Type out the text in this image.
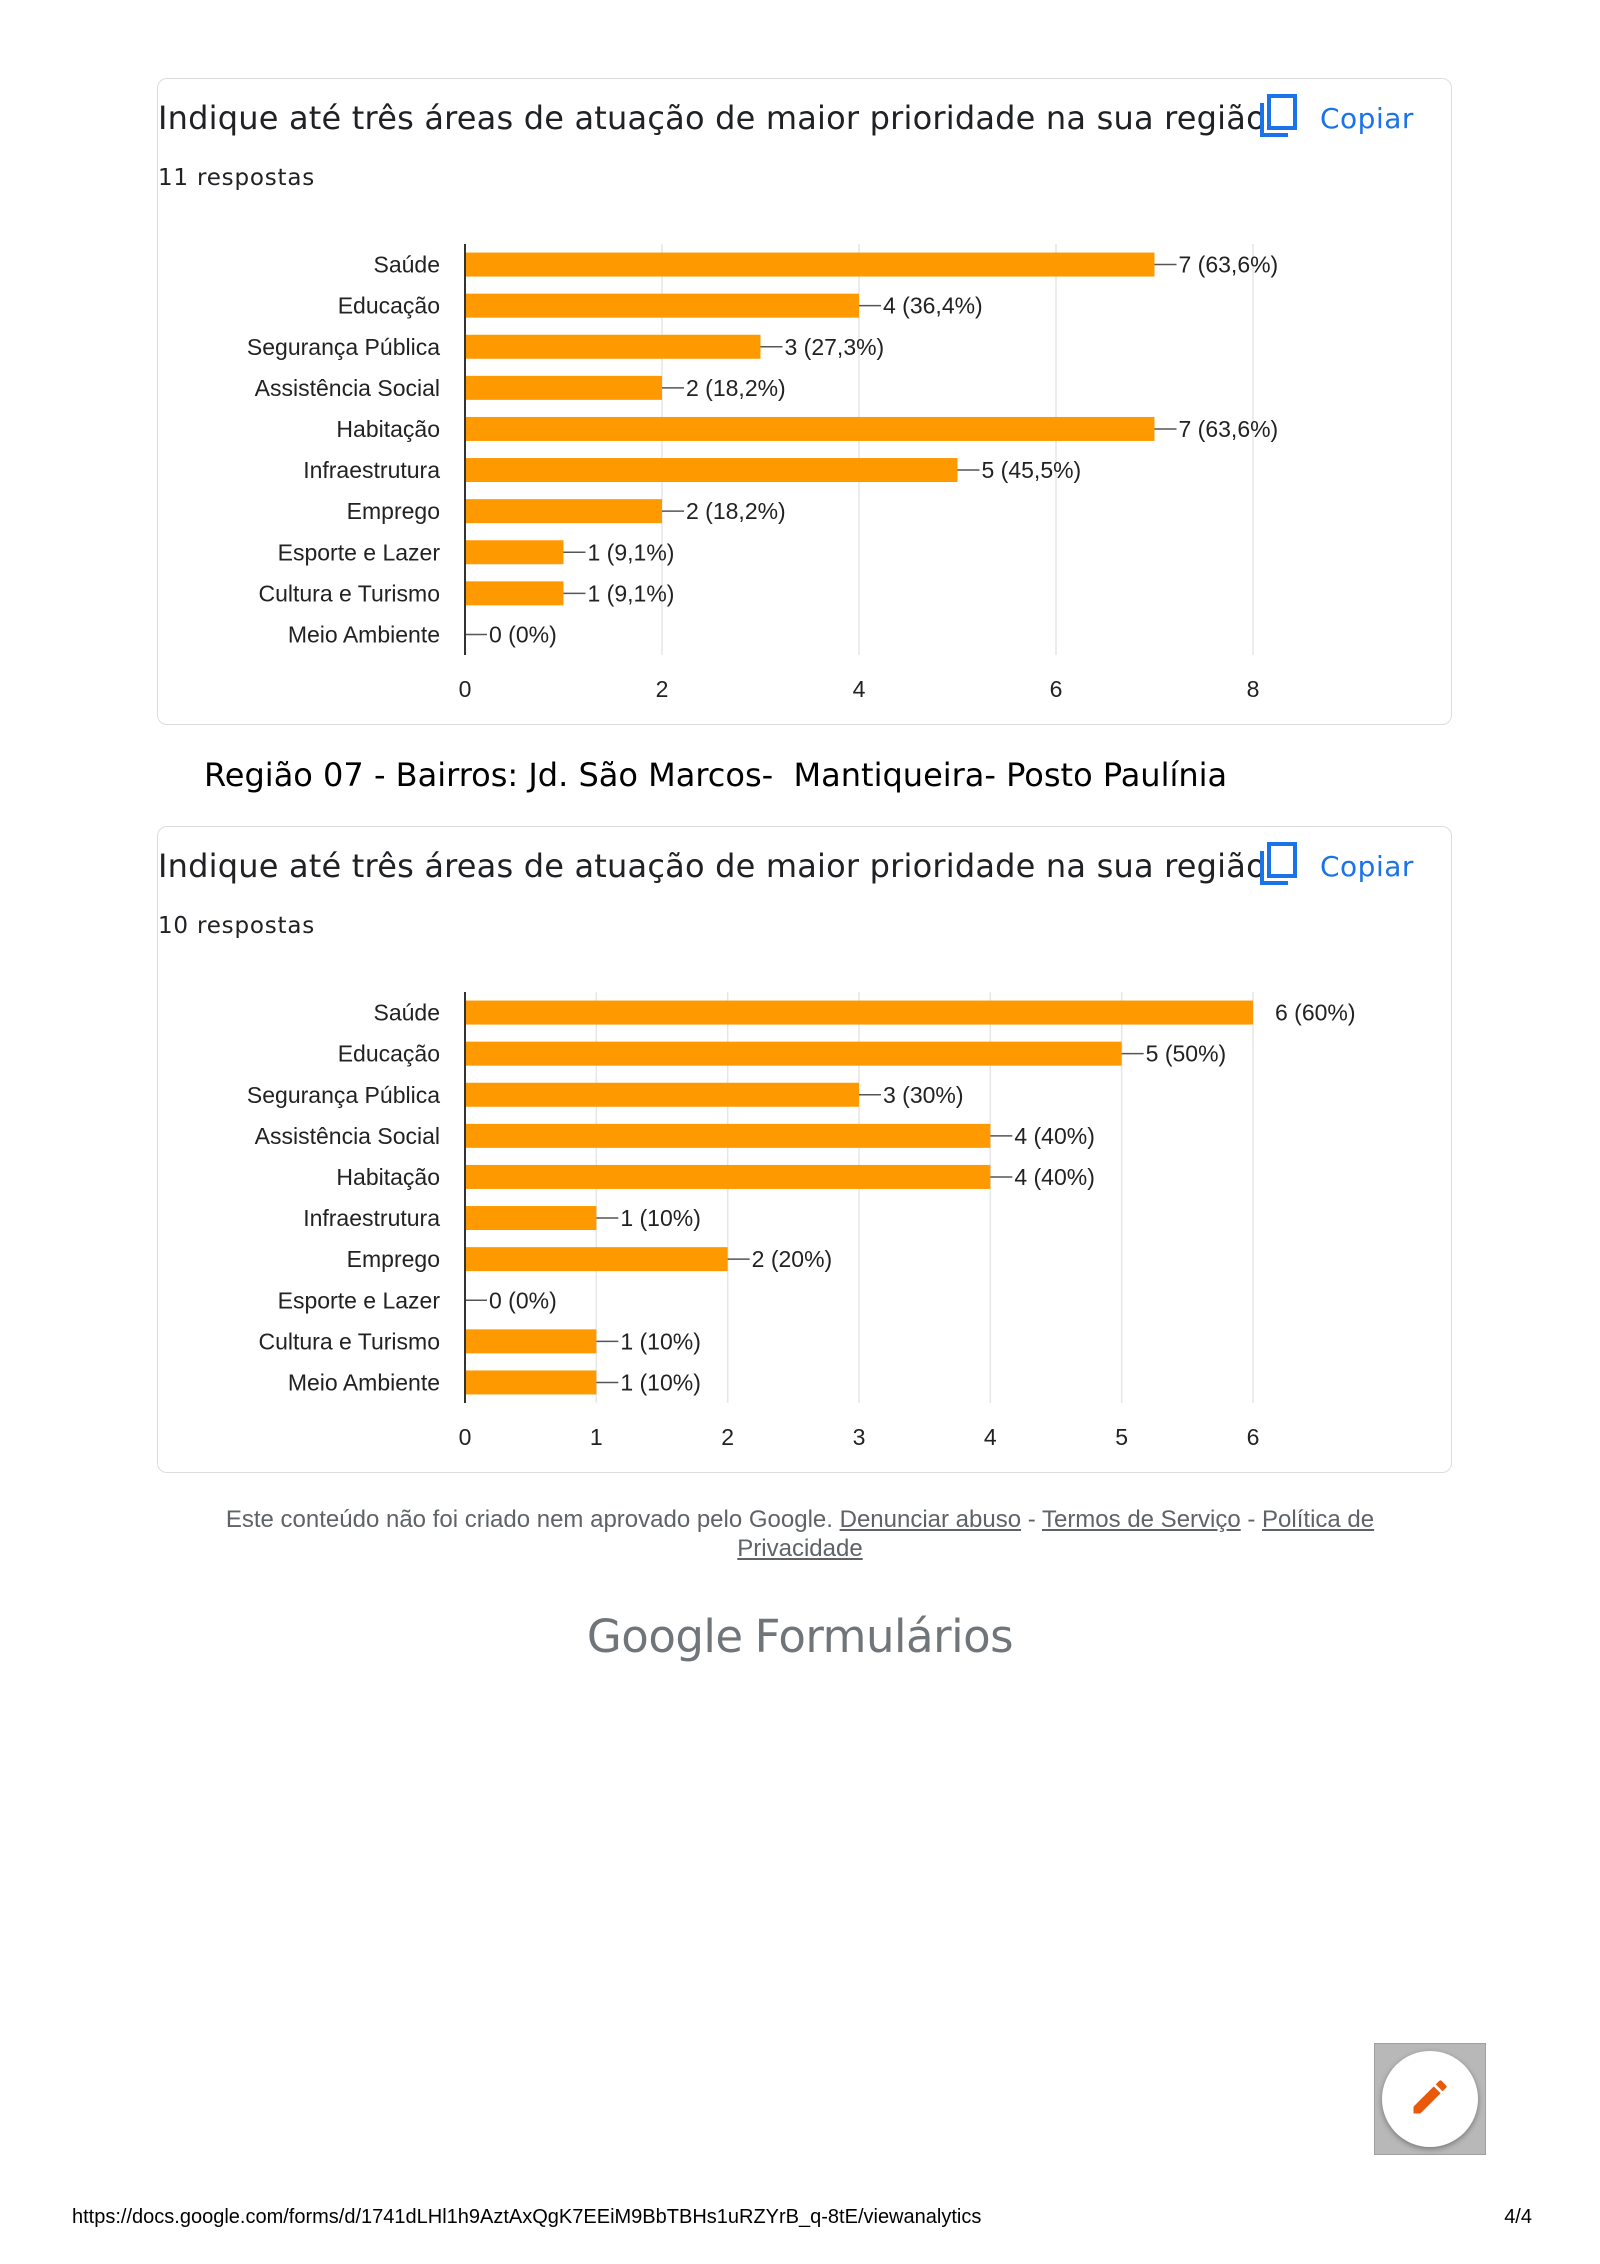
Indique até três áreas de atuação de maior prioridade na sua região
11 respostas
Copiar
0	2	4	6	8
Saúde	7 (63,6%)
Educação	4 (36,4%)
Segurança Pública	3 (27,3%)
Assistência Social	2 (18,2%)
Habitação	7 (63,6%)
Infraestrutura	5 (45,5%)
Emprego	2 (18,2%)
Esporte e Lazer	1 (9,1%)
Cultura e Turismo	1 (9,1%)
Meio Ambiente 0 (0%)
Região 07 - Bairros: Jd. São Marcos-  Mantiqueira- Posto Paulínia
Indique até três áreas de atuação de maior prioridade na sua região
10 respostas
Copiar
0	1	2	3	4	5	6
Saúde	6 (60%)
Educação	5 (50%)
Segurança Pública	3 (30%)
Assistência Social	4 (40%)
Habitação	4 (40%)
Infraestrutura	1 (10%)
Emprego	2 (20%)
Esporte e Lazer 0 (0%)
Cultura e Turismo	1 (10%)
Meio Ambiente	1 (10%)
Este conteúdo não foi criado nem aprovado pelo Google. Denunciar abuso - Termos de Serviço - Política de Privacidade
Google Formulários
https://docs.google.com/forms/d/1741dLHl1h9AztAxQgK7EEiM9BbTBHs1uRZYrB_q-8tE/viewanalytics	4/4
